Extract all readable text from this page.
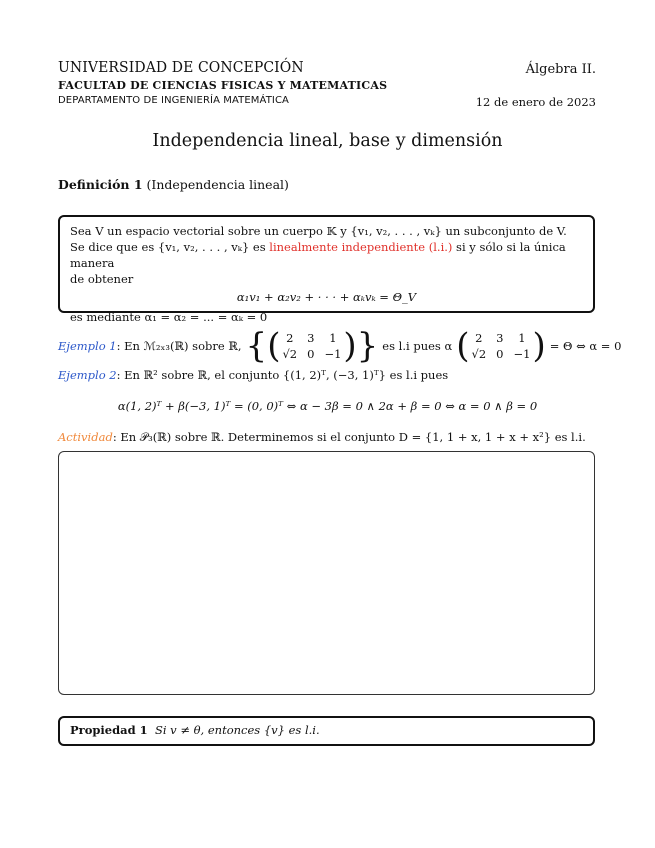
UNIVERSIDAD DE CONCEPCIÓN
FACULTAD DE CIENCIAS FISICAS Y MATEMATICAS
DEPARTAMENTO DE INGENIERÍA MATEMÁTICA
Álgebra II.
12 de enero de 2023
Independencia lineal, base y dimensión
Definición 1 (Independencia lineal)
Sea V un espacio vectorial sobre un cuerpo 𝕂 y {v₁, v₂, . . . , vₖ} un subconjunto de V.
Se dice que es {v₁, v₂, . . . , vₖ} es linealmente independiente (l.i.) si y sólo si la única manera
de obtener
α₁v₁ + α₂v₂ + · · · + αₖvₖ = Θ_V
es mediante α₁ = α₂ = ... = αₖ = 0
Ejemplo 1 : En ℳ₂ₓ₃(ℝ) sobre ℝ, { ( 2	3	1
√2 0 −1 ) } es l.i pues α ( 2	3	1
√2 0 −1 ) = Θ ⇔ α = 0
Ejemplo 2: En ℝ² sobre ℝ, el conjunto {(1, 2)ᵀ, (−3, 1)ᵀ} es l.i pues
α(1, 2)ᵀ + β(−3, 1)ᵀ = (0, 0)ᵀ ⇔ α − 3β = 0 ∧ 2α + β = 0 ⇔ α = 0 ∧ β = 0
Actividad: En 𝒫₃(ℝ) sobre ℝ. Determinemos si el conjunto D = {1, 1 + x, 1 + x + x²} es l.i.
Propiedad 1 Si v ≠ θ, entonces {v} es l.i.
